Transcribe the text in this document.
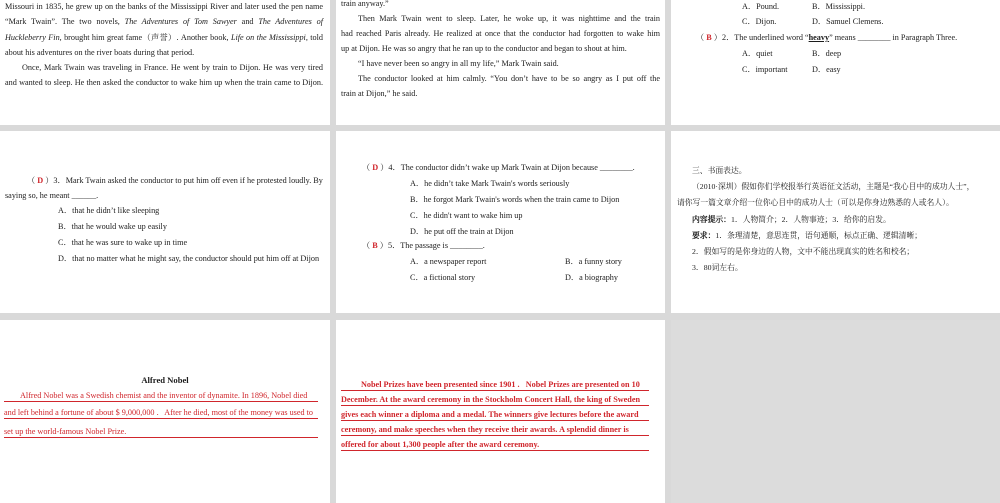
Missouri in 1835, he grew up on the banks of the Mississippi River and later used the pen name
“Mark Twain”. The two novels, The Adventures of Tom Sawyer and The Adventures of
Huckleberry Fin, brought him great fame（声誉）. Another book, Life on the Mississippi, told
about his adventures on the river boats during that period.
Once, Mark Twain was traveling in France. He went by train to Dijon. He was very tired
and wanted to sleep. He then asked the conductor to wake him up when the train came to Dijon.
train anyway.”
Then Mark Twain went to sleep. Later, he woke up, it was nighttime and the train
had reached Paris already. He realized at once that the conductor had forgotten to wake him
up at Dijon. He was so angry that he ran up to the conductor and began to shout at him.
“I have never been so angry in all my life,” Mark Twain said.
The conductor looked at him calmly. “You don’t have to be so angry as I put off the
train at Dijon,” he said.
A．Pound.	B．Mississippi.
C．Dijon.	D．Samuel Clemens.
（ B ）2．The underlined word “heavy” means ________ in Paragraph Three.
A．quiet	B．deep
C．important	D．easy
（ D ）3．Mark Twain asked the conductor to put him off even if he protested loudly. By
saying so, he meant ______.
A．that he didn’t like sleeping
B．that he would wake up easily
C．that he was sure to wake up in time
D．that no matter what he might say, the conductor should put him off at Dijon
（ D ）4．The conductor didn’t wake up Mark Twain at Dijon because ________.
A．he didn’t take Mark Twain's words seriously
B．he forgot Mark Twain's words when the train came to Dijon
C．he didn't want to wake him up
D．he put off the train at Dijon
（ B ）5．The passage is ________.
A．a newspaper report	B．a funny story
C．a fictional story	D．a biography
三、书面表达。
（2010·深圳）假如你们学校报举行英语征文活动，主题是“我心目中的成功人士”，
请你写一篇文章介绍一位你心目中的成功人士（可以是你身边熟悉的人或名人）。
内容提示：1．人物简介；2．人物事迹；3．给你的启发。
要求：1．条理清楚，意思连贯，语句通顺，标点正确、逻辑清晰；
2．假如写的是你身边的人物，文中不能出现真实的姓名和校名；
3．80词左右。
Alfred Nobel
Alfred Nobel was a Swedish chemist and the inventor of dynamite. In 1896, Nobel died
and left behind a fortune of about $ 9,000,000 .   After he died, most of the money was used to
set up the world-famous Nobel Prize.
Nobel Prizes have been presented since 1901 .   Nobel Prizes are presented on 10
December. At the award ceremony in the Stockholm Concert Hall, the king of Sweden
gives each winner a diploma and a medal. The winners give lectures before the award
ceremony, and make speeches when they receive their awards. A splendid dinner is
offered for about 1,300 people after the award ceremony.
